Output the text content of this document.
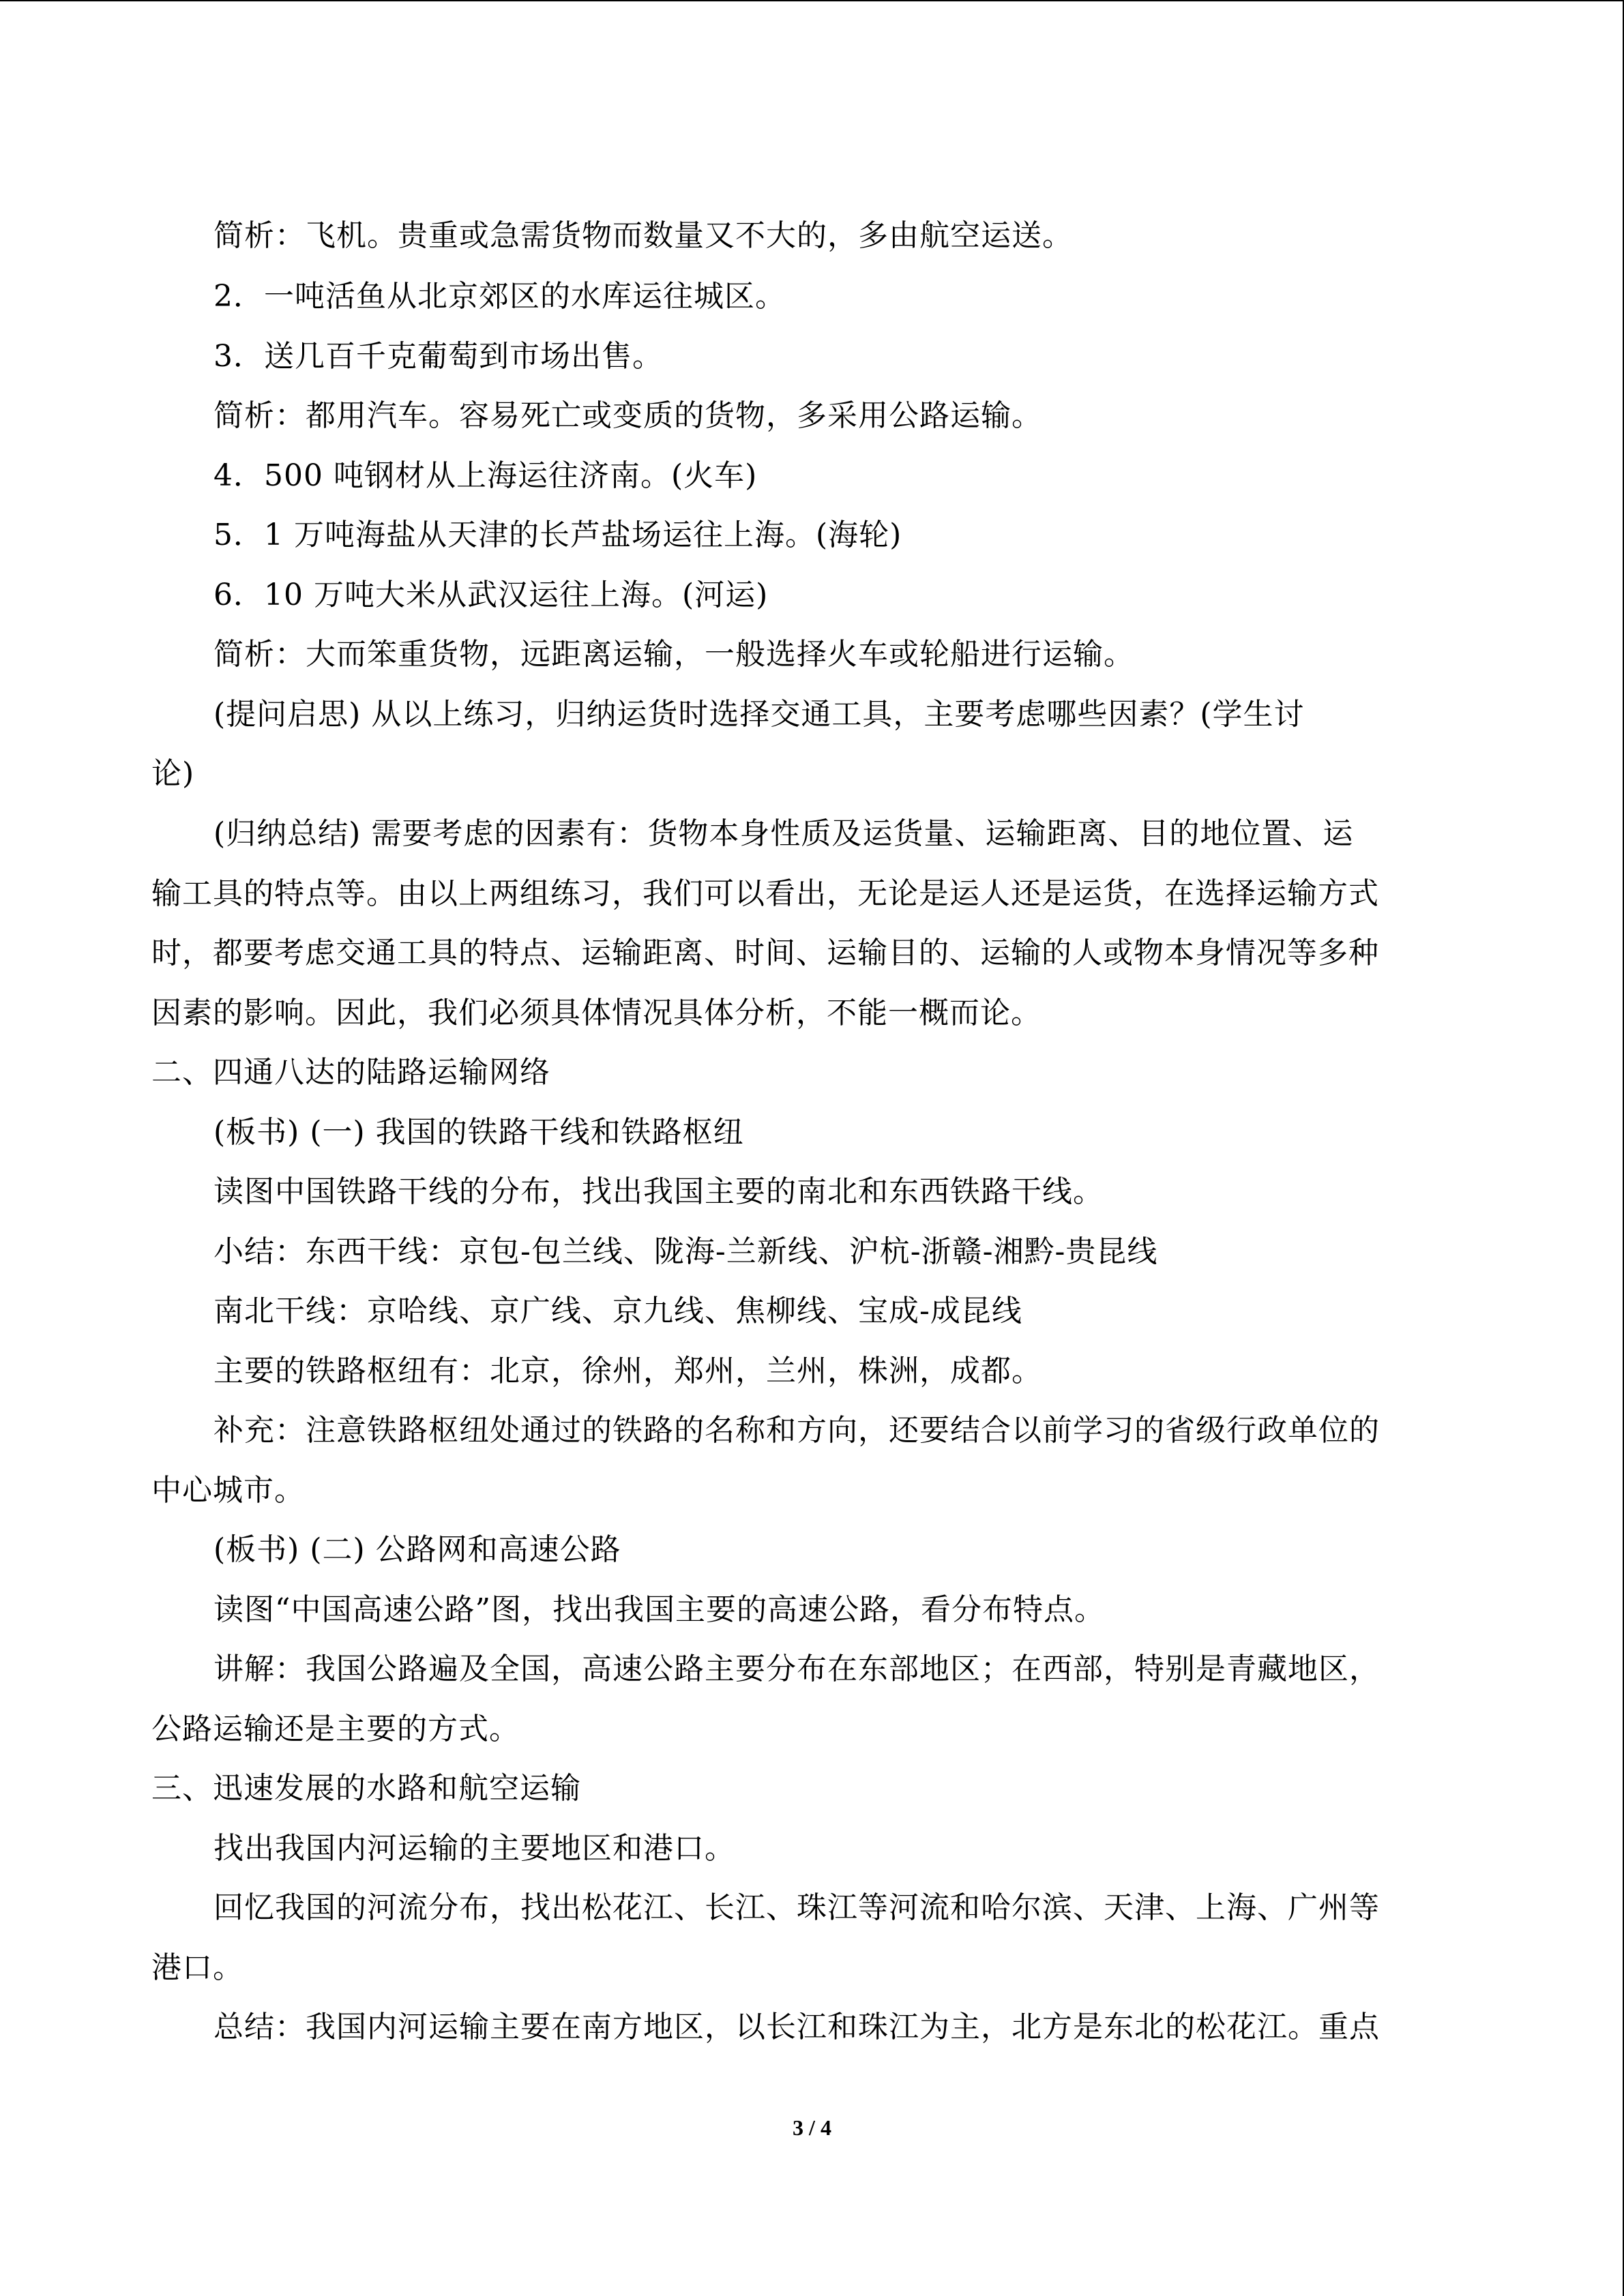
简析：飞机。贵重或急需货物而数量又不大的，多由航空运送。
2．一吨活鱼从北京郊区的水库运往城区。
3．送几百千克葡萄到市场出售。
简析：都用汽车。容易死亡或变质的货物，多采用公路运输。
4．500 吨钢材从上海运往济南。(火车)
5．1 万吨海盐从天津的长芦盐场运往上海。(海轮)
6．10 万吨大米从武汉运往上海。(河运)
简析：大而笨重货物，远距离运输，一般选择火车或轮船进行运输。
(提问启思) 从以上练习，归纳运货时选择交通工具，主要考虑哪些因素？(学生讨
论)
(归纳总结) 需要考虑的因素有：货物本身性质及运货量、运输距离、目的地位置、运
输工具的特点等。由以上两组练习，我们可以看出，无论是运人还是运货，在选择运输方式
时，都要考虑交通工具的特点、运输距离、时间、运输目的、运输的人或物本身情况等多种
因素的影响。因此，我们必须具体情况具体分析，不能一概而论。
二、四通八达的陆路运输网络
(板书) (一) 我国的铁路干线和铁路枢纽
读图中国铁路干线的分布，找出我国主要的南北和东西铁路干线。
小结：东西干线：京包-包兰线、陇海-兰新线、沪杭-浙赣-湘黔-贵昆线
南北干线：京哈线、京广线、京九线、焦柳线、宝成-成昆线
主要的铁路枢纽有：北京，徐州，郑州，兰州，株洲，成都。
补充：注意铁路枢纽处通过的铁路的名称和方向，还要结合以前学习的省级行政单位的
中心城市。
(板书) (二) 公路网和高速公路
读图“中国高速公路”图，找出我国主要的高速公路，看分布特点。
讲解：我国公路遍及全国，高速公路主要分布在东部地区；在西部，特别是青藏地区，
公路运输还是主要的方式。
三、迅速发展的水路和航空运输
找出我国内河运输的主要地区和港口。
回忆我国的河流分布，找出松花江、长江、珠江等河流和哈尔滨、天津、上海、广州等
港口。
总结：我国内河运输主要在南方地区，以长江和珠江为主，北方是东北的松花江。重点
3 / 4
